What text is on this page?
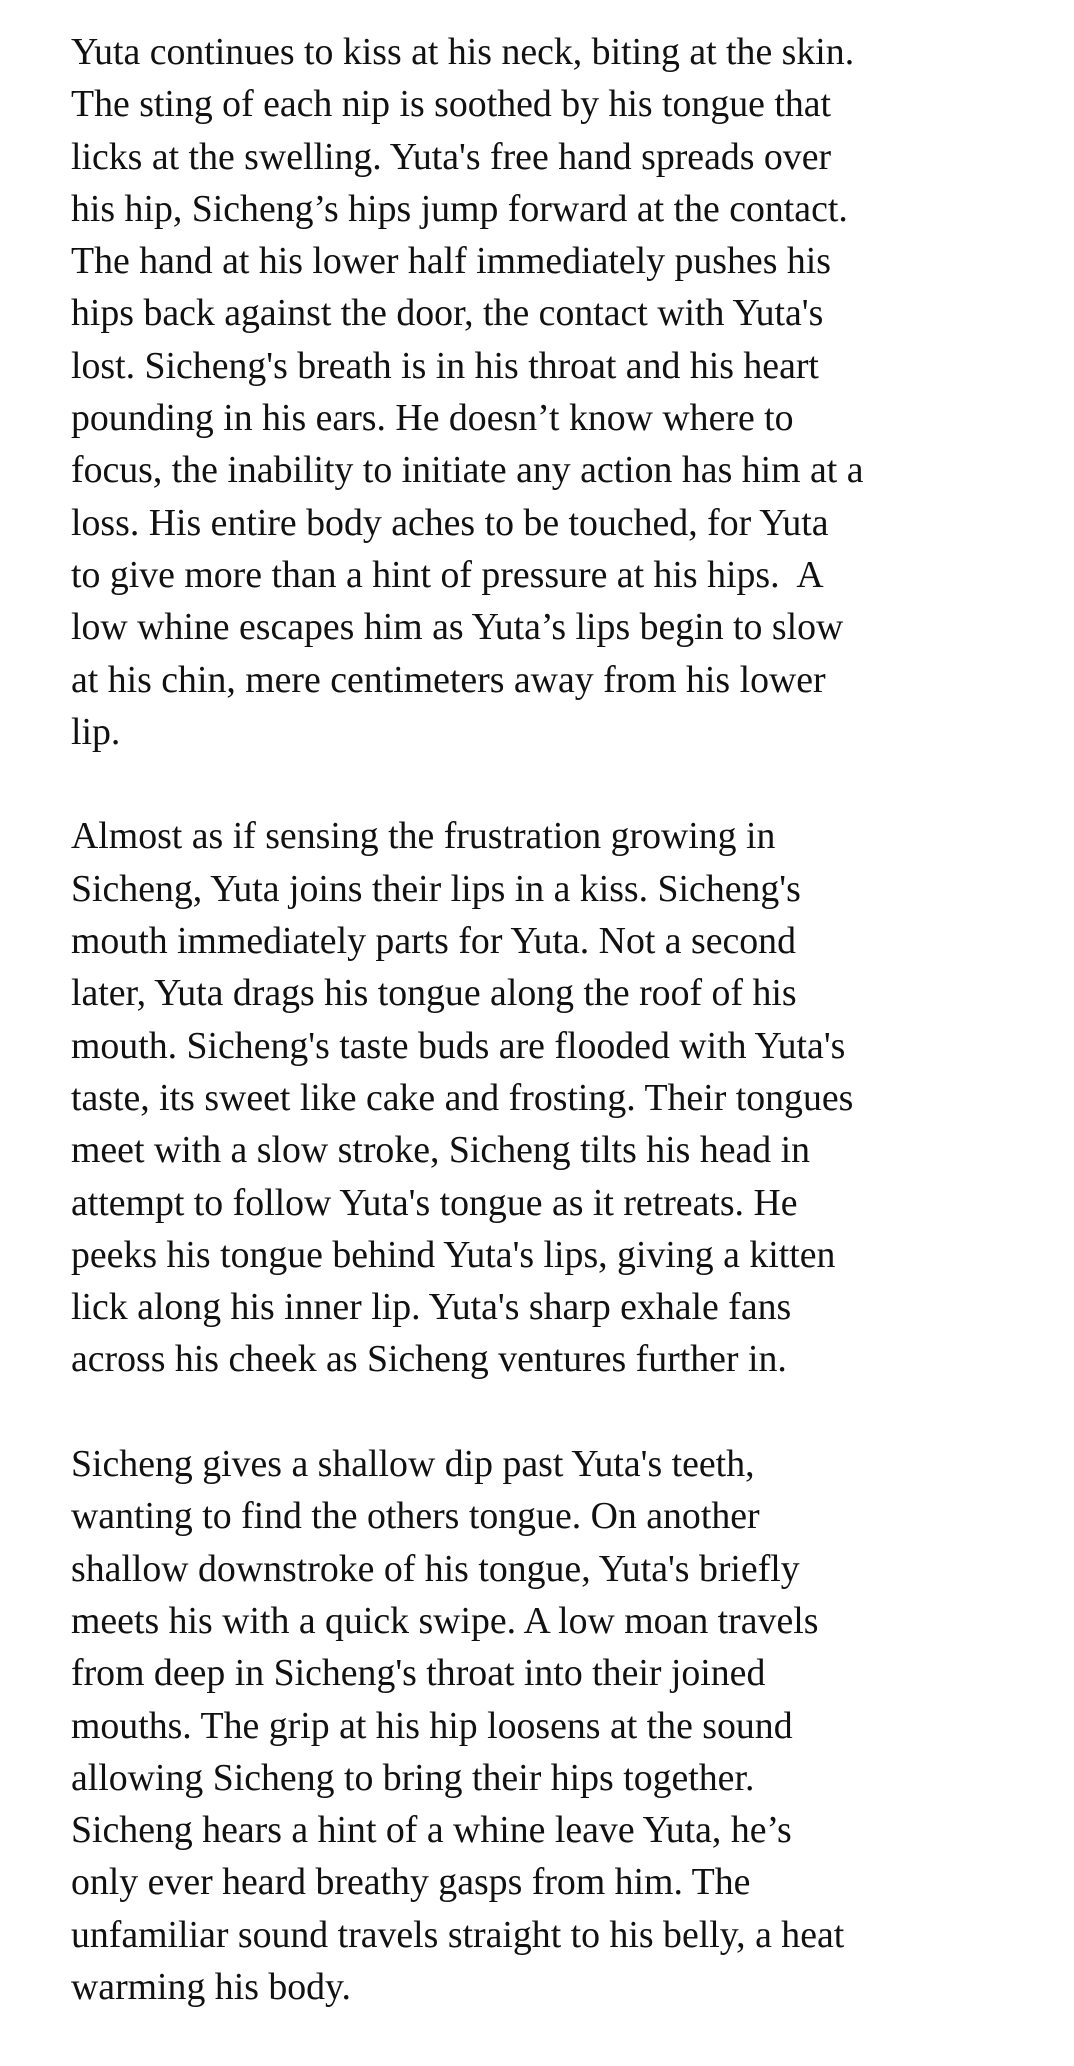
Yuta continues to kiss at his neck, biting at the skin.
The sting of each nip is soothed by his tongue that
licks at the swelling. Yuta's free hand spreads over
his hip, Sicheng’s hips jump forward at the contact.
The hand at his lower half immediately pushes his
hips back against the door, the contact with Yuta's
lost. Sicheng's breath is in his throat and his heart
pounding in his ears. He doesn’t know where to
focus, the inability to initiate any action has him at a
loss. His entire body aches to be touched, for Yuta
to give more than a hint of pressure at his hips.  A
low whine escapes him as Yuta’s lips begin to slow
at his chin, mere centimeters away from his lower
lip.

Almost as if sensing the frustration growing in
Sicheng, Yuta joins their lips in a kiss. Sicheng's
mouth immediately parts for Yuta. Not a second
later, Yuta drags his tongue along the roof of his
mouth. Sicheng's taste buds are flooded with Yuta's
taste, its sweet like cake and frosting. Their tongues
meet with a slow stroke, Sicheng tilts his head in
attempt to follow Yuta's tongue as it retreats. He
peeks his tongue behind Yuta's lips, giving a kitten
lick along his inner lip. Yuta's sharp exhale fans
across his cheek as Sicheng ventures further in.

Sicheng gives a shallow dip past Yuta's teeth,
wanting to find the others tongue. On another
shallow downstroke of his tongue, Yuta's briefly
meets his with a quick swipe. A low moan travels
from deep in Sicheng's throat into their joined
mouths. The grip at his hip loosens at the sound
allowing Sicheng to bring their hips together.
Sicheng hears a hint of a whine leave Yuta, he’s
only ever heard breathy gasps from him. The
unfamiliar sound travels straight to his belly, a heat
warming his body.
